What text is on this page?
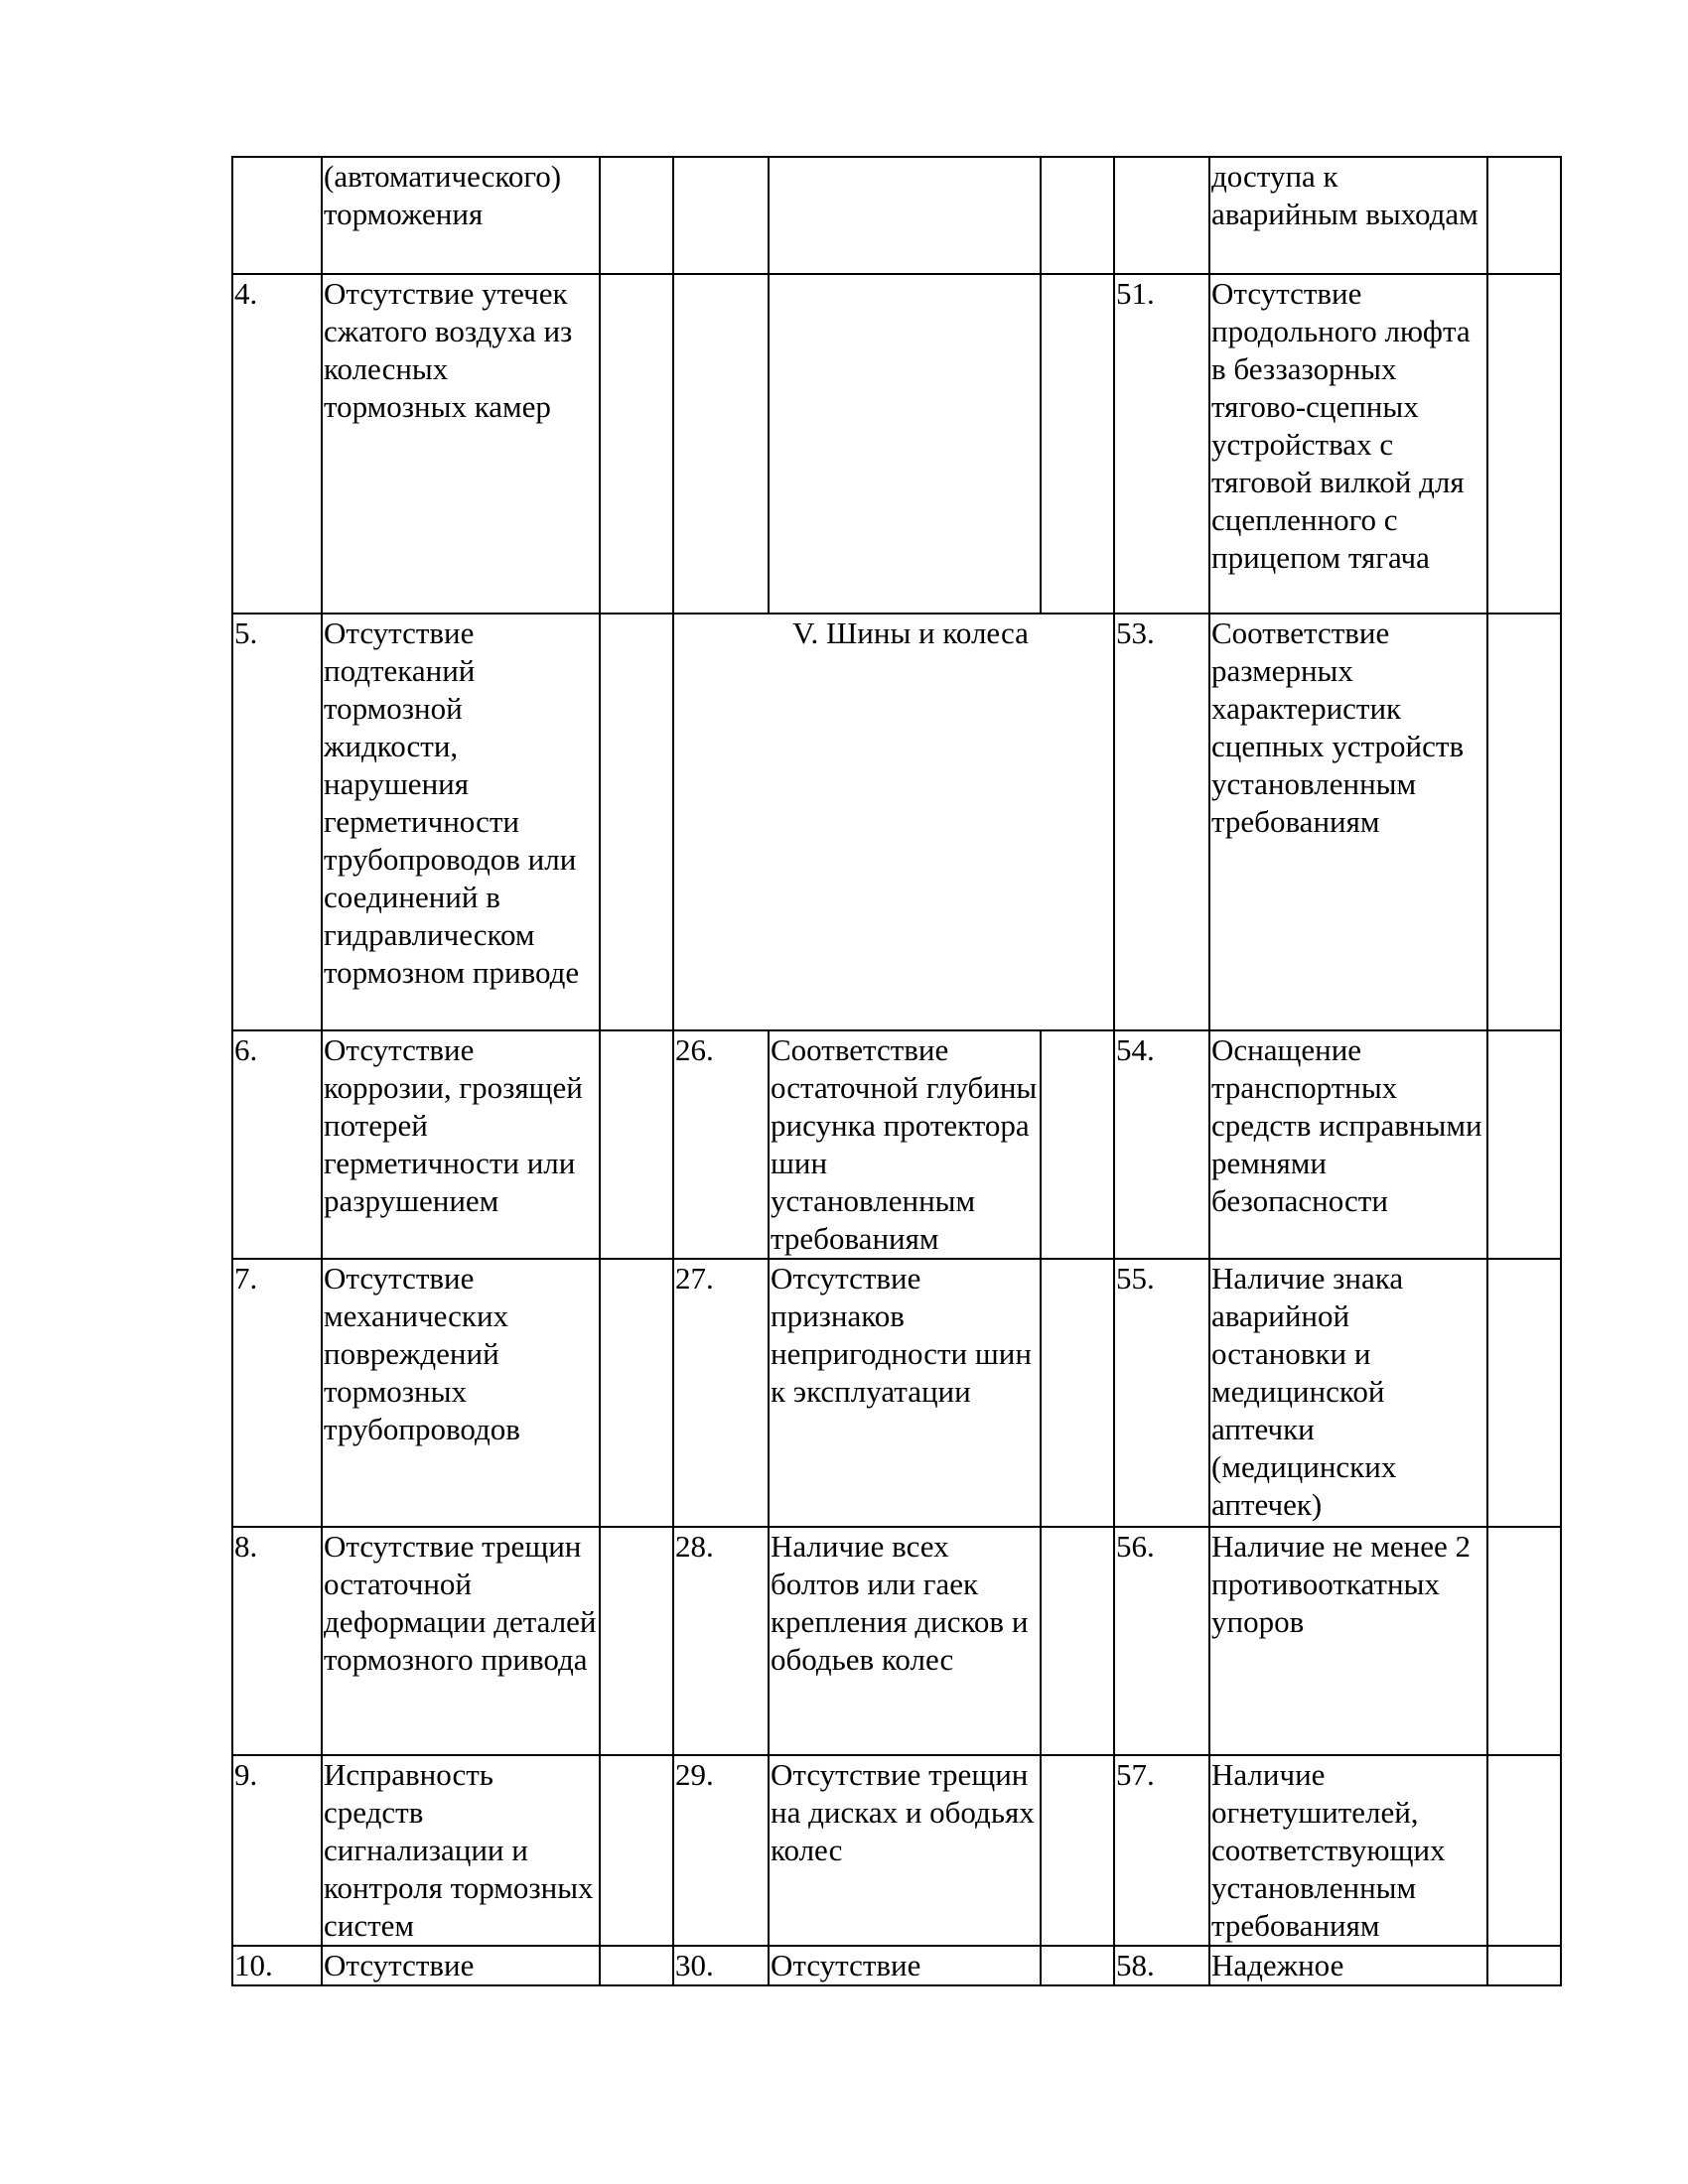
	(автоматического) торможения						доступа к аварийным выходам	
4.	Отсутствие утечек сжатого воздуха из колесных тормозных камер					51.	Отсутствие продольного люфта в беззазорных тягово-сцепных устройствах с тяговой вилкой для сцепленного с прицепом тягача	
5.	Отсутствие подтеканий тормозной жидкости, нарушения герметичности трубопроводов или соединений в гидравлическом тормозном приводе		V. Шины и колеса			53.	Соответствие размерных характеристик сцепных устройств установленным требованиям	
6.	Отсутствие коррозии, грозящей потерей герметичности или разрушением		26.	Соответствие остаточной глубины рисунка протектора шин установленным требованиям		54.	Оснащение транспортных средств исправными ремнями безопасности	
7.	Отсутствие механических повреждений тормозных трубопроводов		27.	Отсутствие признаков непригодности шин к эксплуатации		55.	Наличие знака аварийной остановки и медицинской аптечки (медицинских аптечек)	
8.	Отсутствие трещин остаточной деформации деталей тормозного привода		28.	Наличие всех болтов или гаек крепления дисков и ободьев колес		56.	Наличие не менее 2 противооткатных упоров	
9.	Исправность средств сигнализации и контроля тормозных систем		29.	Отсутствие трещин на дисках и ободьях колес		57.	Наличие огнетушителей, соответствующих установленным требованиям	
10.	Отсутствие		30.	Отсутствие		58.	Надежное	
